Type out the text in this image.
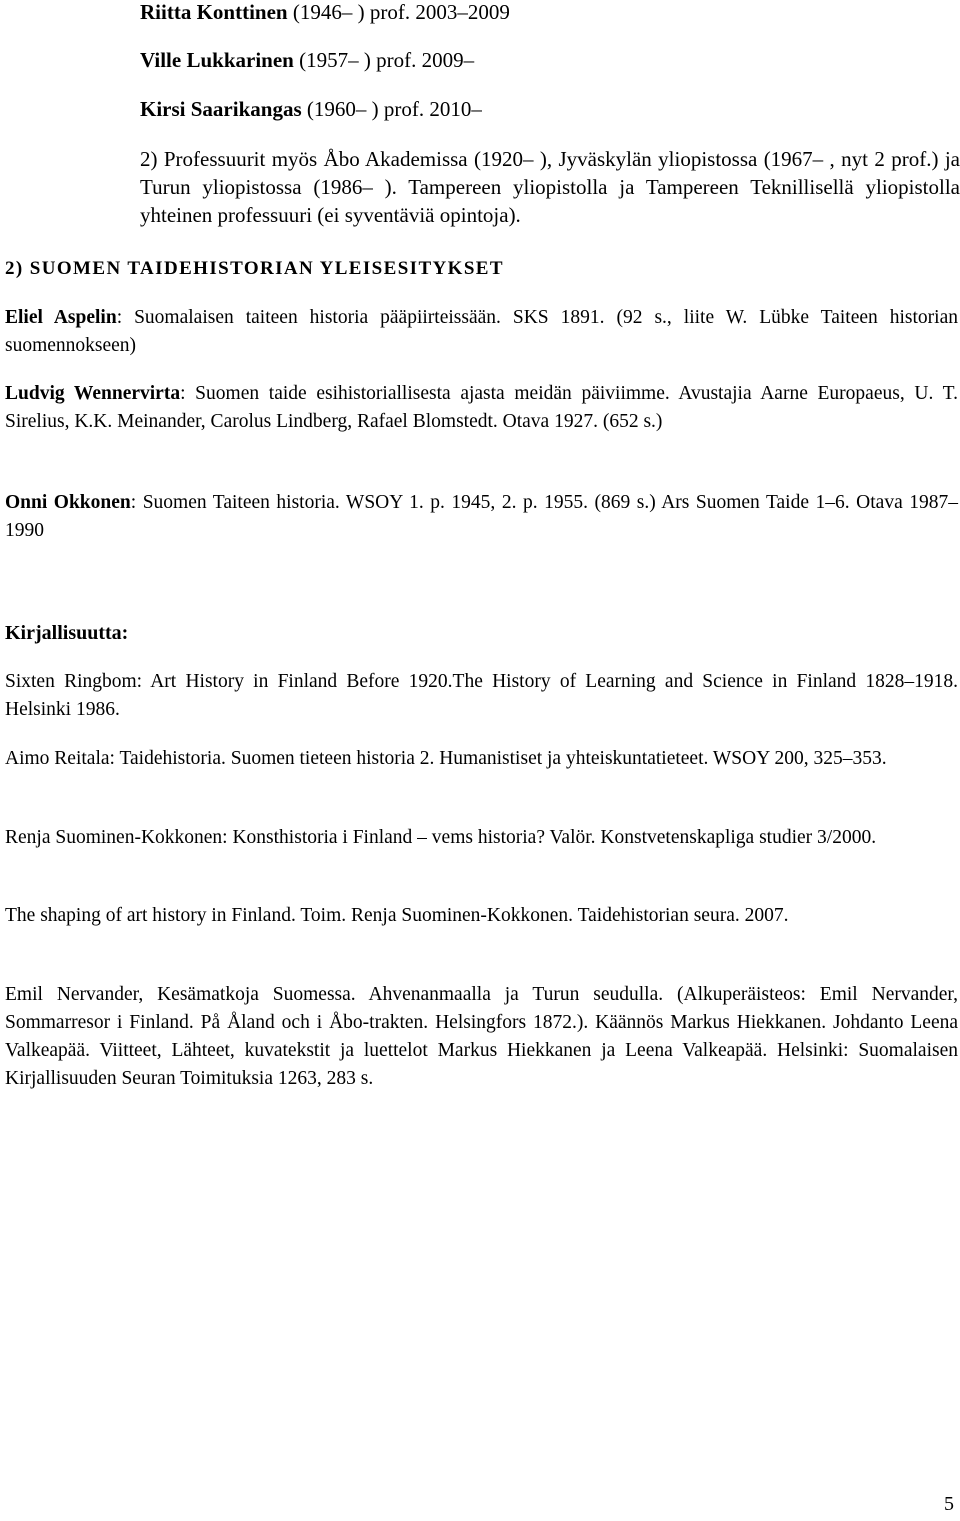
Riitta Konttinen (1946– ) prof. 2003–2009

Ville Lukkarinen (1957– ) prof. 2009–

Kirsi Saarikangas (1960– ) prof. 2010–

2) Professuurit myös Åbo Akademissa (1920– ), Jyväskylän yliopistossa (1967– , nyt 2 prof.) ja Turun yliopistossa (1986– ). Tampereen yliopistolla ja Tampereen Teknillisellä yliopistolla yhteinen professuuri (ei syventäviä opintoja).

2) SUOMEN TAIDEHISTORIAN YLEISESITYKSET

Eliel Aspelin: Suomalaisen taiteen historia pääpiirteissään. SKS 1891. (92 s., liite W. Lübke Taiteen historian suomennokseen)

Ludvig Wennervirta: Suomen taide esihistoriallisesta ajasta meidän päiviimme. Avustajia Aarne Europaeus, U. T. Sirelius, K.K. Meinander, Carolus Lindberg, Rafael Blomstedt. Otava 1927. (652 s.)

Onni Okkonen: Suomen Taiteen historia. WSOY 1. p. 1945, 2. p. 1955. (869 s.) Ars Suomen Taide 1–6. Otava 1987–1990

Kirjallisuutta:

Sixten Ringbom: Art History in Finland Before 1920.The History of Learning and Science in Finland 1828–1918. Helsinki 1986.

Aimo Reitala: Taidehistoria. Suomen tieteen historia 2. Humanistiset ja yhteiskuntatieteet. WSOY 200, 325–353.

Renja Suominen-Kokkonen: Konsthistoria i Finland – vems historia? Valör. Konstvetenskapliga studier 3/2000.

The shaping of art history in Finland. Toim. Renja Suominen-Kokkonen. Taidehistorian seura. 2007.

Emil Nervander, Kesämatkoja Suomessa. Ahvenanmaalla ja Turun seudulla. (Alkuperäisteos: Emil Nervander, Sommarresor i Finland. På Åland och i Åbo-trakten. Helsingfors 1872.). Käännös Markus Hiekkanen. Johdanto Leena Valkeapää. Viitteet, Lähteet, kuvatekstit ja luettelot Markus Hiekkanen ja Leena Valkeapää. Helsinki: Suomalaisen Kirjallisuuden Seuran Toimituksia 1263, 283 s.

5
